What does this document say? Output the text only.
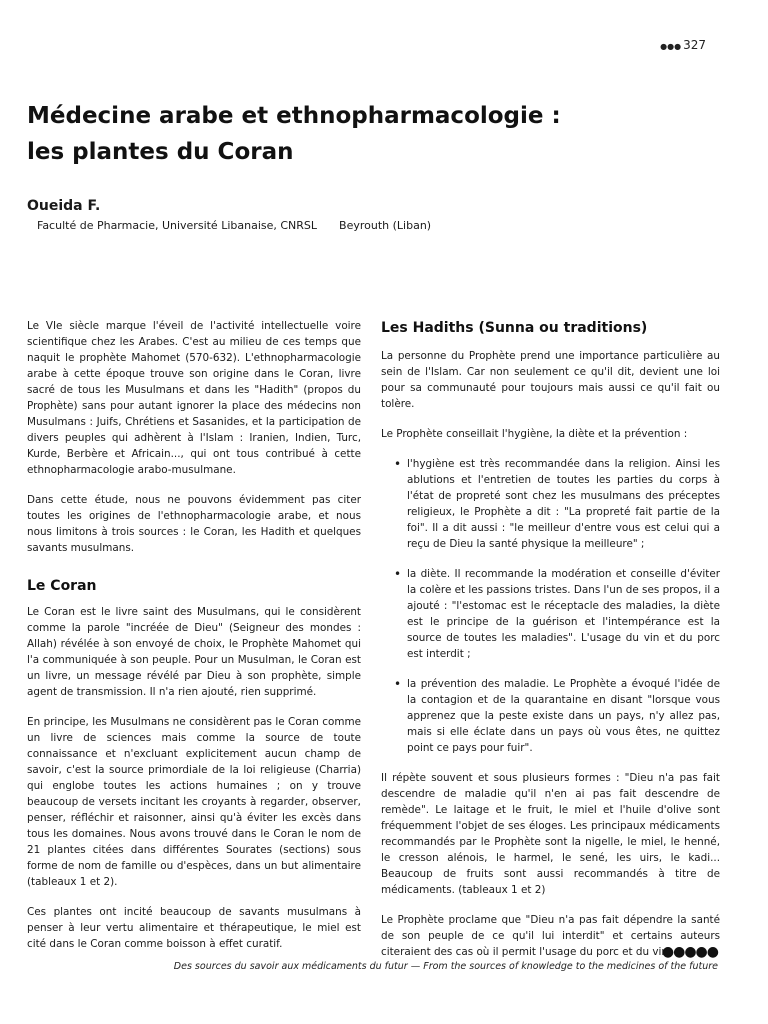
●●● 327
Médecine arabe et ethnopharmacologie :
les plantes du Coran
Oueida F.
Faculté de Pharmacie, Université Libanaise, CNRSL Beyrouth (Liban)

Le VIe siècle marque l'éveil de l'activité intellectuelle voire scientifique chez les Arabes. C'est au milieu de ces temps que naquit le prophète Mahomet (570-632). L'ethnopharmacologie arabe à cette époque trouve son origine dans le Coran, livre sacré de tous les Musulmans et dans les "Hadith" (propos du Prophète) sans pour autant ignorer la place des médecins non Musulmans : Juifs, Chrétiens et Sasanides, et la participation de divers peuples qui adhèrent à l'Islam : Iranien, Indien, Turc, Kurde, Berbère et Africain..., qui ont tous contribué à cette ethnopharmacologie arabo-musulmane.

Dans cette étude, nous ne pouvons évidemment pas citer toutes les origines de l'ethnopharmacologie arabe, et nous nous limitons à trois sources : le Coran, les Hadith et quelques savants musulmans.

Le Coran

Le Coran est le livre saint des Musulmans, qui le considèrent comme la parole "incréée de Dieu" (Seigneur des mondes : Allah) révélée à son envoyé de choix, le Prophète Mahomet qui l'a communiquée à son peuple. Pour un Musulman, le Coran est un livre, un message révélé par Dieu à son prophète, simple agent de transmission. Il n'a rien ajouté, rien supprimé.

En principe, les Musulmans ne considèrent pas le Coran comme un livre de sciences mais comme la source de toute connaissance et n'excluant explicitement aucun champ de savoir, c'est la source primordiale de la loi religieuse (Charria) qui englobe toutes les actions humaines ; on y trouve beaucoup de versets incitant les croyants à regarder, observer, penser, réfléchir et raisonner, ainsi qu'à éviter les excès dans tous les domaines. Nous avons trouvé dans le Coran le nom de 21 plantes citées dans différentes Sourates (sections) sous forme de nom de famille ou d'espèces, dans un but alimentaire (tableaux 1 et 2).

Ces plantes ont incité beaucoup de savants musulmans à penser à leur vertu alimentaire et thérapeutique, le miel est cité dans le Coran comme boisson à effet curatif.

Les Hadiths (Sunna ou traditions)

La personne du Prophète prend une importance particulière au sein de l'Islam. Car non seulement ce qu'il dit, devient une loi pour sa communauté pour toujours mais aussi ce qu'il fait ou tolère.

Le Prophète conseillait l'hygiène, la diète et la prévention :

• l'hygiène est très recommandée dans la religion. Ainsi les ablutions et l'entretien de toutes les parties du corps à l'état de propreté sont chez les musulmans des préceptes religieux, le Prophète a dit : "La propreté fait partie de la foi". Il a dit aussi : "le meilleur d'entre vous est celui qui a reçu de Dieu la santé physique la meilleure" ;
• la diète. Il recommande la modération et conseille d'éviter la colère et les passions tristes. Dans l'un de ses propos, il a ajouté : "l'estomac est le réceptacle des maladies, la diète est le principe de la guérison et l'intempérance est la source de toutes les maladies". L'usage du vin et du porc est interdit ;
• la prévention des maladie. Le Prophète a évoqué l'idée de la contagion et de la quarantaine en disant "lorsque vous apprenez que la peste existe dans un pays, n'y allez pas, mais si elle éclate dans un pays où vous êtes, ne quittez point ce pays pour fuir".

Il répète souvent et sous plusieurs formes : "Dieu n'a pas fait descendre de maladie qu'il n'en ai pas fait descendre de remède". Le laitage et le fruit, le miel et l'huile d'olive sont fréquemment l'objet de ses éloges. Les principaux médicaments recommandés par le Prophète sont la nigelle, le miel, le henné, le cresson alénois, le harmel, le sené, les uirs, le kadi... Beaucoup de fruits sont aussi recommandés à titre de médicaments. (tableaux 1 et 2)

Le Prophète proclame que "Dieu n'a pas fait dépendre la santé de son peuple de ce qu'il lui interdit" et certains auteurs citeraient des cas où il permit l'usage du porc et du vin.

●●●●●
Des sources du savoir aux médicaments du futur — From the sources of knowledge to the medicines of the future
